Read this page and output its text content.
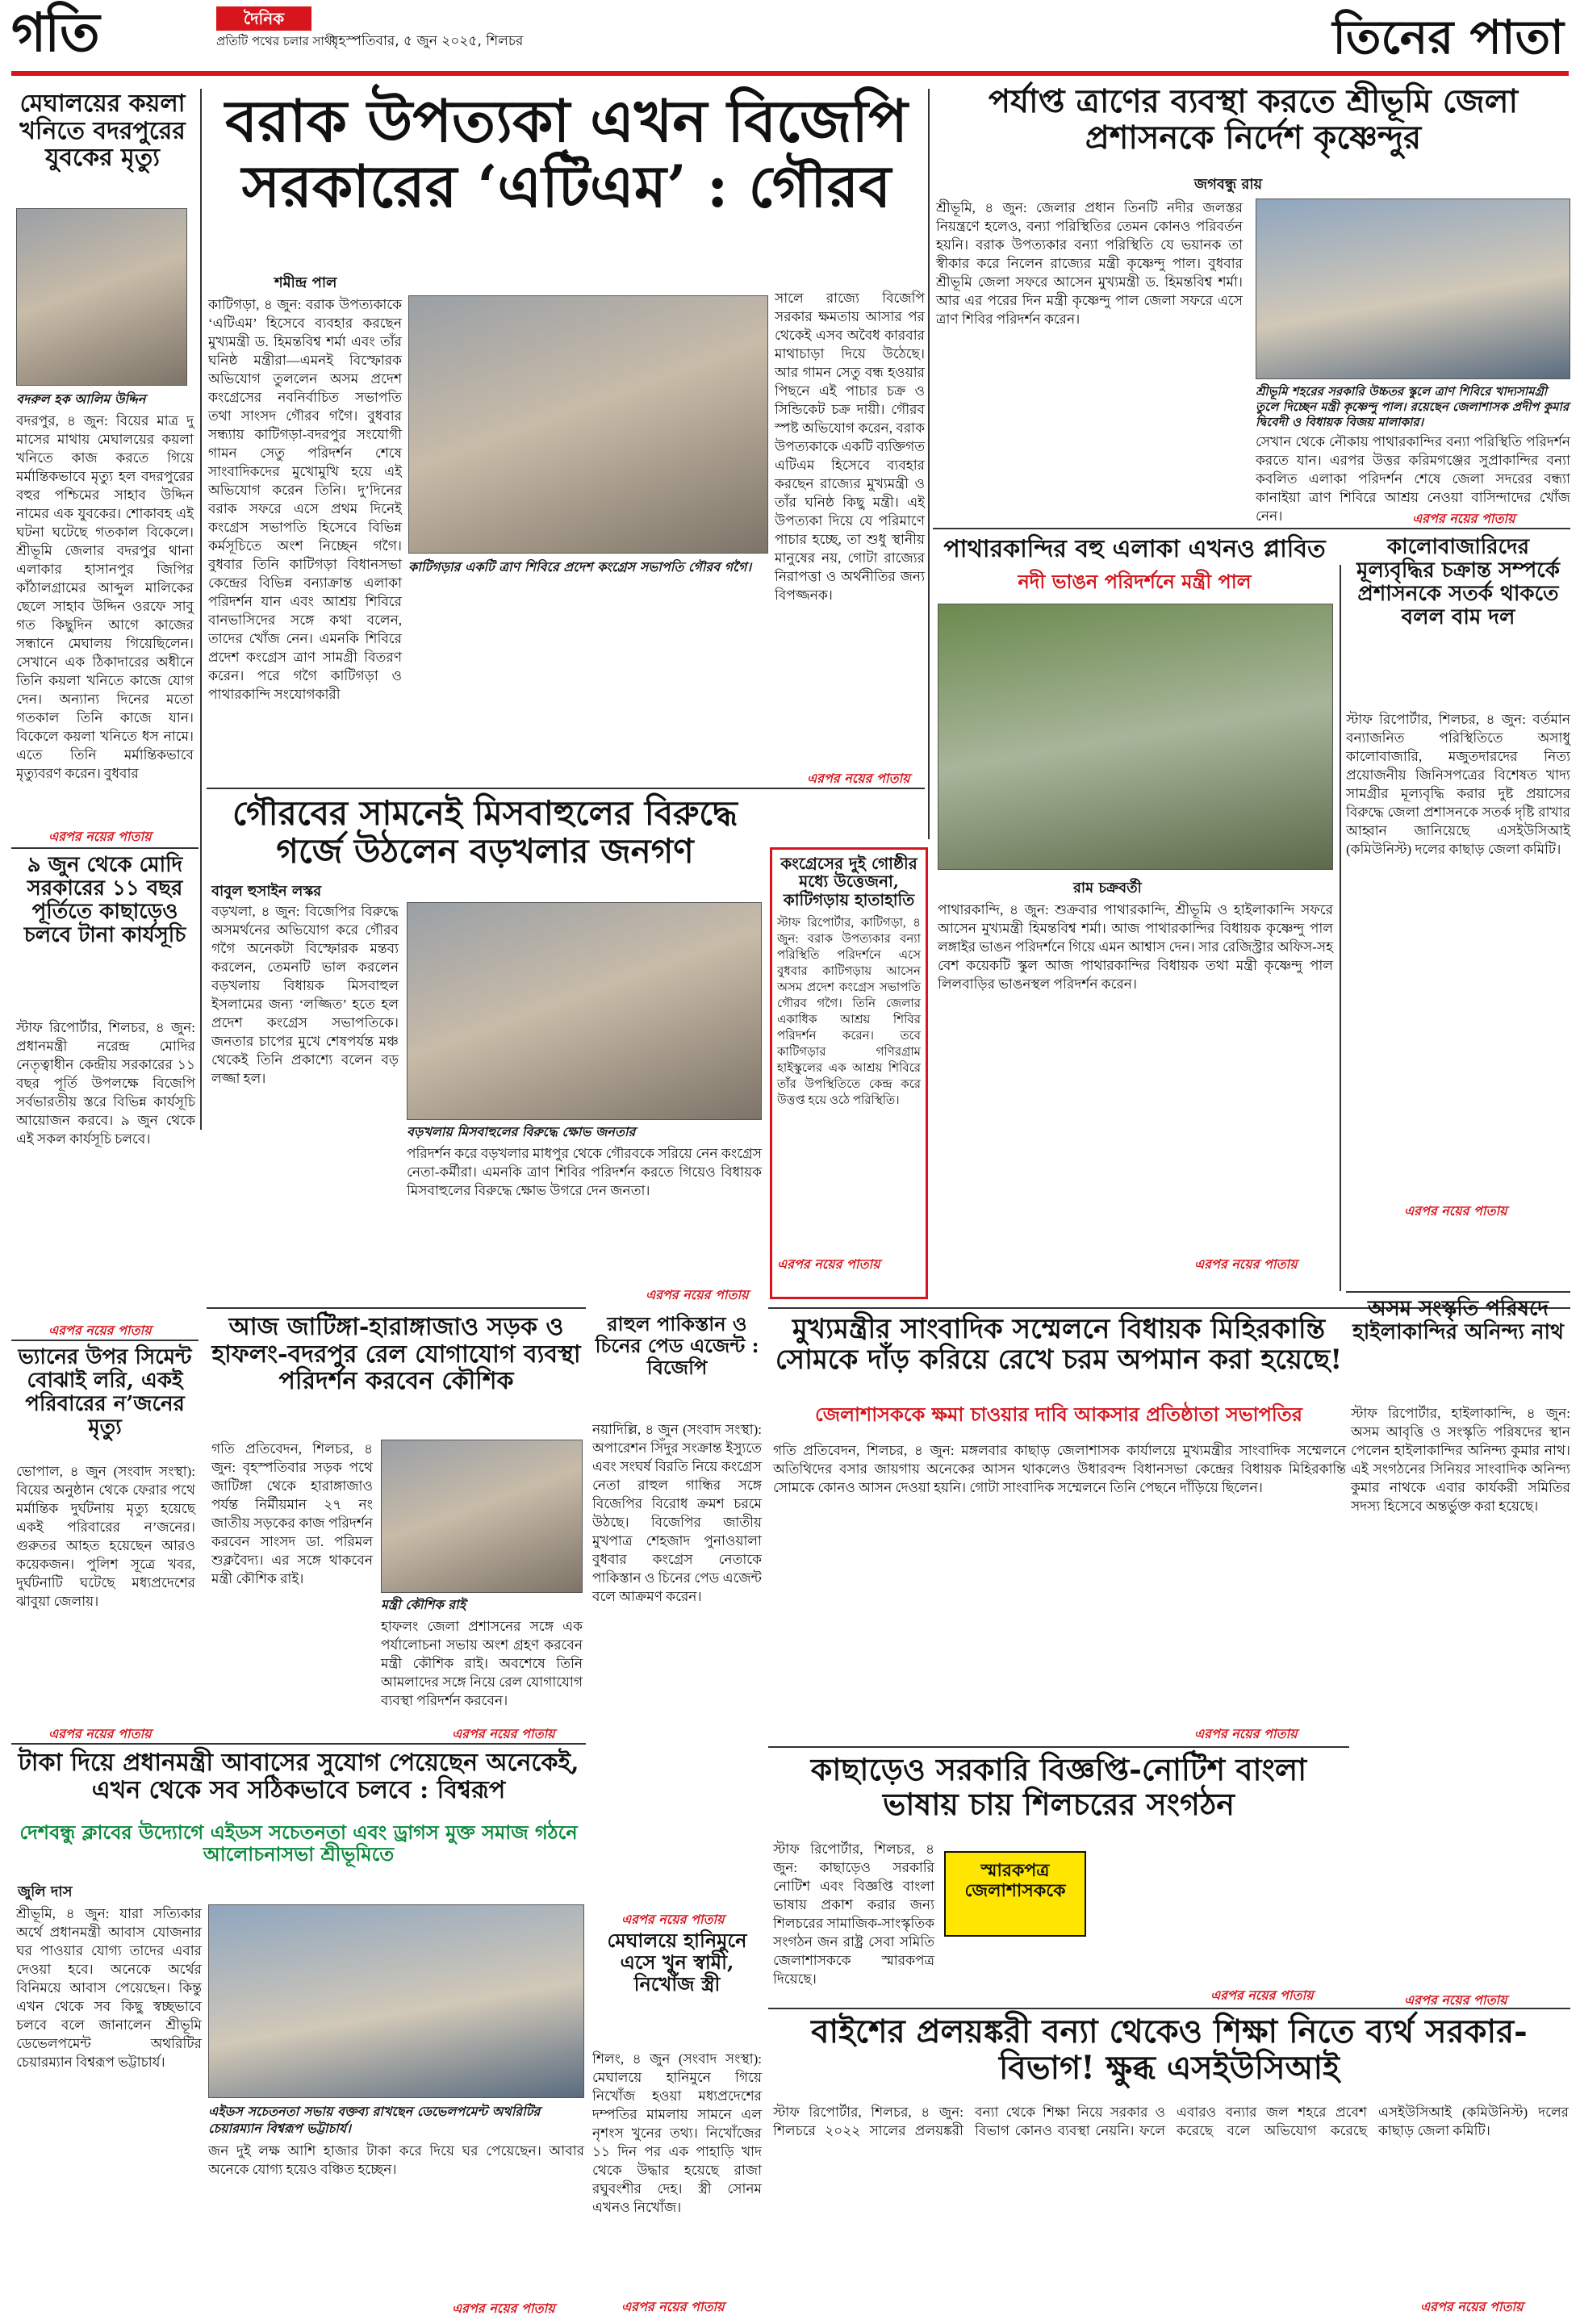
গতি	দৈনিক
প্রতিটি পথের চলার সাথী
বৃহস্পতিবার, ৫ জুন ২০২৫, শিলচর	তিনের পাতা
মেঘালয়ের কয়লা খনিতে বদরপুরের যুবকের মৃত্যু
বদরুল হক আলিম উদ্দিন
বদরপুর, ৪ জুন: বিয়ের মাত্র দু মাসের মাথায় মেঘালয়ের কয়লা খনিতে কাজ করতে গিয়ে মর্মান্তিকভাবে মৃত্যু হল বদরপুরের বহুর পশ্চিমের সাহাব উদ্দিন নামের এক যুবকের। শোকাবহ এই ঘটনা ঘটেছে গতকাল বিকেলে। শ্রীভূমি জেলার বদরপুর থানা এলাকার হাসানপুর জিপির কাঁঠালগ্রামের আব্দুল মালিকের ছেলে সাহাব উদ্দিন ওরফে সাবু গত কিছুদিন আগে কাজের সন্ধানে মেঘালয় গিয়েছিলেন। সেখানে এক ঠিকাদারের অধীনে তিনি কয়লা খনিতে কাজে যোগ দেন। অন্যান্য দিনের মতো গতকাল তিনি কাজে যান। বিকেলে কয়লা খনিতে ধস নামে। এতে তিনি মর্মান্তিকভাবে মৃত্যুবরণ করেন। বুধবার
এরপর নয়ের পাতায়
৯ জুন থেকে মোদি সরকারের ১১ বছর পূর্তিতে কাছাড়েও চলবে টানা কার্যসূচি
স্টাফ রিপোর্টার, শিলচর, ৪ জুন: প্রধানমন্ত্রী নরেন্দ্র মোদির নেতৃত্বাধীন কেন্দ্রীয় সরকারের ১১ বছর পূর্তি উপলক্ষে বিজেপি সর্বভারতীয় স্তরে বিভিন্ন কার্যসূচি আয়োজন করবে। ৯ জুন থেকে এই সকল কার্যসূচি চলবে।
এরপর নয়ের পাতায়
ভ্যানের উপর সিমেন্ট বোঝাই লরি, একই পরিবারের ন’জনের মৃত্যু
ভোপাল, ৪ জুন (সংবাদ সংস্থা): বিয়ের অনুষ্ঠান থেকে ফেরার পথে মর্মান্তিক দুর্ঘটনায় মৃত্যু হয়েছে একই পরিবারের ন’জনের। গুরুতর আহত হয়েছেন আরও কয়েকজন। পুলিশ সূত্রে খবর, দুর্ঘটনাটি ঘটেছে মধ্যপ্রদেশের ঝাবুয়া জেলায়।
এরপর নয়ের পাতায়
বরাক উপত্যকা এখন বিজেপি সরকারের ‘এটিএম’ : গৌরব
শমীন্দ্র পাল
কাটিগড়া, ৪ জুন: বরাক উপত্যকাকে ‘এটিএম’ হিসেবে ব্যবহার করছেন মুখ্যমন্ত্রী ড. হিমন্তবিশ্ব শর্মা এবং তাঁর ঘনিষ্ঠ মন্ত্রীরা—এমনই বিস্ফোরক অভিযোগ তুললেন অসম প্রদেশ কংগ্রেসের নবনির্বাচিত সভাপতি তথা সাংসদ গৌরব গগৈ। বুধবার সন্ধ্যায় কাটিগড়া-বদরপুর সংযোগী গামন সেতু পরিদর্শন শেষে সাংবাদিকদের মুখোমুখি হয়ে এই অভিযোগ করেন তিনি। দু’দিনের বরাক সফরে এসে প্রথম দিনেই কংগ্রেস সভাপতি হিসেবে বিভিন্ন কর্মসূচিতে অংশ নিচ্ছেন গগৈ। বুধবার তিনি কাটিগড়া বিধানসভা কেন্দ্রের বিভিন্ন বন্যাক্রান্ত এলাকা পরিদর্শন যান এবং আশ্রয় শিবিরে বানভাসিদের সঙ্গে কথা বলেন, তাদের খোঁজ নেন। এমনকি শিবিরে প্রদেশ কংগ্রেস ত্রাণ সামগ্রী বিতরণ করেন। পরে গগৈ কাটিগড়া ও পাথারকান্দি সংযোগকারী
কাটিগড়ার একটি ত্রাণ শিবিরে প্রদেশ কংগ্রেস সভাপতি গৌরব গগৈ।
সালে রাজ্যে বিজেপি সরকার ক্ষমতায় আসার পর থেকেই এসব অবৈধ কারবার মাথাচাড়া দিয়ে উঠেছে। আর গামন সেতু বন্ধ হওয়ার পিছনে এই পাচার চক্র ও সিন্ডিকেট চক্র দায়ী। গৌরব স্পষ্ট অভিযোগ করেন, বরাক উপত্যকাকে একটি ব্যক্তিগত এটিএম হিসেবে ব্যবহার করছেন রাজ্যের মুখ্যমন্ত্রী ও তাঁর ঘনিষ্ঠ কিছু মন্ত্রী। এই উপত্যকা দিয়ে যে পরিমাণে পাচার হচ্ছে, তা শুধু স্থানীয় মানুষের নয়, গোটা রাজ্যের নিরাপত্তা ও অর্থনীতির জন্য বিপজ্জনক।
এরপর নয়ের পাতায়
পর্যাপ্ত ত্রাণের ব্যবস্থা করতে শ্রীভূমি জেলা প্রশাসনকে নির্দেশ কৃষ্ণেন্দুর
জগবন্ধু রায়
শ্রীভূমি, ৪ জুন: জেলার প্রধান তিনটি নদীর জলস্তর নিয়ন্ত্রণে হলেও, বন্যা পরিস্থিতির তেমন কোনও পরিবর্তন হয়নি। বরাক উপত্যকার বন্যা পরিস্থিতি যে ভয়ানক তা স্বীকার করে নিলেন রাজ্যের মন্ত্রী কৃষ্ণেন্দু পাল। বুধবার শ্রীভূমি জেলা সফরে আসেন মুখ্যমন্ত্রী ড. হিমন্তবিশ্ব শর্মা। আর এর পরের দিন মন্ত্রী কৃষ্ণেন্দু পাল জেলা সফরে এসে ত্রাণ শিবির পরিদর্শন করেন।
শ্রীভূমি শহরের সরকারি উচ্চতর স্কুলে ত্রাণ শিবিরে খাদ্যসামগ্রী তুলে দিচ্ছেন মন্ত্রী কৃষ্ণেন্দু পাল। রয়েছেন জেলাশাসক প্রদীপ কুমার দ্বিবেদী ও বিধায়ক বিজয় মালাকার।
সেখান থেকে নৌকায় পাথারকান্দির বন্যা পরিস্থিতি পরিদর্শন করতে যান। এরপর উত্তর করিমগঞ্জের সুপ্রাকান্দির বন্যা কবলিত এলাকা পরিদর্শন শেষে জেলা সদরের বন্ধ্যা কানাইয়া ত্রাণ শিবিরে আশ্রয় নেওয়া বাসিন্দাদের খোঁজ নেন।	এরপর নয়ের পাতায়
পাথারকান্দির বহু এলাকা এখনও প্লাবিত
নদী ভাঙন পরিদর্শনে মন্ত্রী পাল
রাম চক্রবর্তী
পাথারকান্দি, ৪ জুন: শুক্রবার পাথারকান্দি, শ্রীভূমি ও হাইলাকান্দি সফরে আসেন মুখ্যমন্ত্রী হিমন্তবিশ্ব শর্মা। আজ পাথারকান্দির বিধায়ক কৃষ্ণেন্দু পাল লঙ্গাইর ভাঙন পরিদর্শনে গিয়ে এমন আশ্বাস দেন। সার রেজিস্ট্রার অফিস-সহ বেশ কয়েকটি স্কুল আজ পাথারকান্দির বিধায়ক তথা মন্ত্রী কৃষ্ণেন্দু পাল লিলবাড়ির ভাঙনস্থল পরিদর্শন করেন।
এরপর নয়ের পাতায়
কালোবাজারিদের মূল্যবৃদ্ধির চক্রান্ত সম্পর্কে প্রশাসনকে সতর্ক থাকতে বলল বাম দল
স্টাফ রিপোর্টার, শিলচর, ৪ জুন: বর্তমান বন্যাজনিত পরিস্থিতিতে অসাধু কালোবাজারি, মজুতদারদের নিত্য প্রয়োজনীয় জিনিসপত্রের বিশেষত খাদ্য সামগ্রীর মূল্যবৃদ্ধি করার দুষ্ট প্রয়াসের বিরুদ্ধে জেলা প্রশাসনকে সতর্ক দৃষ্টি রাখার আহ্বান জানিয়েছে এসইউসিআই (কমিউনিস্ট) দলের কাছাড় জেলা কমিটি।
এরপর নয়ের পাতায়
গৌরবের সামনেই মিসবাহুলের বিরুদ্ধে গর্জে উঠলেন বড়খলার জনগণ
বাবুল হুসাইন লস্কর
বড়খলা, ৪ জুন: বিজেপির বিরুদ্ধে অসমর্থনের অভিযোগ করে গৌরব গগৈ অনেকটা বিস্ফোরক মন্তব্য করলেন, তেমনটি ভাল করলেন বড়খলায় বিধায়ক মিসবাহুল ইসলামের জন্য ‘লজ্জিত’ হতে হল প্রদেশ কংগ্রেস সভাপতিকে। জনতার চাপের মুখে শেষপর্যন্ত মঞ্চ থেকেই তিনি প্রকাশ্যে বলেন বড় লজ্জা হল।
বড়খলায় মিসবাহুলের বিরুদ্ধে ক্ষোভ জনতার
পরিদর্শন করে বড়খলার মাধপুর থেকে গৌরবকে সরিয়ে নেন কংগ্রেস নেতা-কর্মীরা। এমনকি ত্রাণ শিবির পরিদর্শন করতে গিয়েও বিধায়ক মিসবাহুলের বিরুদ্ধে ক্ষোভ উগরে দেন জনতা।
এরপর নয়ের পাতায়
কংগ্রেসের দুই গোষ্ঠীর মধ্যে উত্তেজনা, কাটিগড়ায় হাতাহাতি
স্টাফ রিপোর্টার, কাটিগড়া, ৪ জুন: বরাক উপত্যকার বন্যা পরিস্থিতি পরিদর্শনে এসে বুধবার কাটিগড়ায় আসেন অসম প্রদেশ কংগ্রেস সভাপতি গৌরব গগৈ। তিনি জেলার একাধিক আশ্রয় শিবির পরিদর্শন করেন। তবে কাটিগড়ার গণিরগ্রাম হাইস্কুলের এক আশ্রয় শিবিরে তাঁর উপস্থিতিতে কেন্দ্র করে উত্তপ্ত হয়ে ওঠে পরিস্থিতি।
এরপর নয়ের পাতায়
আজ জাটিঙ্গা-হারাঙ্গাজাও সড়ক ও হাফলং-বদরপুর রেল যোগাযোগ ব্যবস্থা পরিদর্শন করবেন কৌশিক
গতি প্রতিবেদন, শিলচর, ৪ জুন: বৃহস্পতিবার সড়ক পথে জাটিঙ্গা থেকে হারাঙ্গাজাও পর্যন্ত নির্মীয়মান ২৭ নং জাতীয় সড়কের কাজ পরিদর্শন করবেন সাংসদ ডা. পরিমল শুক্লবৈদ্য। এর সঙ্গে থাকবেন মন্ত্রী কৌশিক রাই।
মন্ত্রী কৌশিক রাই
হাফলং জেলা প্রশাসনের সঙ্গে এক পর্যালোচনা সভায় অংশ গ্রহণ করবেন মন্ত্রী কৌশিক রাই। অবশেষে তিনি আমলাদের সঙ্গে নিয়ে রেল যোগাযোগ ব্যবস্থা পরিদর্শন করবেন।
এরপর নয়ের পাতায়
রাহুল পাকিস্তান ও চিনের পেড এজেন্ট : বিজেপি
নয়াদিল্লি, ৪ জুন (সংবাদ সংস্থা): অপারেশন সিঁদুর সংক্রান্ত ইস্যুতে এবং সংঘর্ষ বিরতি নিয়ে কংগ্রেস নেতা রাহুল গান্ধির সঙ্গে বিজেপির বিরোধ ক্রমশ চরমে উঠছে। বিজেপির জাতীয় মুখপাত্র শেহজাদ পুনাওয়ালা বুধবার কংগ্রেস নেতাকে পাকিস্তান ও চিনের পেড এজেন্ট বলে আক্রমণ করেন।
এরপর নয়ের পাতায়
টাকা দিয়ে প্রধানমন্ত্রী আবাসের সুযোগ পেয়েছেন অনেকেই, এখন থেকে সব সঠিকভাবে চলবে : বিশ্বরূপ
দেশবন্ধু ক্লাবের উদ্যোগে এইডস সচেতনতা এবং ড্রাগস মুক্ত সমাজ গঠনে আলোচনাসভা শ্রীভূমিতে
জুলি দাস
শ্রীভূমি, ৪ জুন: যারা সত্যিকার অর্থে প্রধানমন্ত্রী আবাস যোজনার ঘর পাওয়ার যোগ্য তাদের এবার দেওয়া হবে। অনেকে অর্থের বিনিময়ে আবাস পেয়েছেন। কিন্তু এখন থেকে সব কিছু স্বচ্ছভাবে চলবে বলে জানালেন শ্রীভূমি ডেভেলপমেন্ট অথরিটির চেয়ারম্যান বিশ্বরূপ ভট্টাচার্য।
এইডস সচেতনতা সভায় বক্তব্য রাখছেন ডেভেলপমেন্ট অথরিটির চেয়ারম্যান বিশ্বরূপ ভট্টাচার্য।
জন দুই লক্ষ আশি হাজার টাকা করে দিয়ে ঘর পেয়েছেন। আবার অনেকে যোগ্য হয়েও বঞ্চিত হচ্ছেন।
এরপর নয়ের পাতায়
মুখ্যমন্ত্রীর সাংবাদিক সম্মেলনে বিধায়ক মিহিরকান্তি সোমকে দাঁড় করিয়ে রেখে চরম অপমান করা হয়েছে!
জেলাশাসককে ক্ষমা চাওয়ার দাবি আকসার প্রতিষ্ঠাতা সভাপতির
গতি প্রতিবেদন, শিলচর, ৪ জুন: মঙ্গলবার কাছাড় জেলাশাসক কার্যালয়ে মুখ্যমন্ত্রীর সাংবাদিক সম্মেলনে অতিথিদের বসার জায়গায় অনেকের আসন থাকলেও উধারবন্দ বিধানসভা কেন্দ্রের বিধায়ক মিহিরকান্তি সোমকে কোনও আসন দেওয়া হয়নি। গোটা সাংবাদিক সম্মেলনে তিনি পেছনে দাঁড়িয়ে ছিলেন।
এরপর নয়ের পাতায়
কাছাড়েও সরকারি বিজ্ঞপ্তি-নোটিশ বাংলা ভাষায় চায় শিলচরের সংগঠন
স্টাফ রিপোর্টার, শিলচর, ৪ জুন: কাছাড়েও সরকারি নোটিশ এবং বিজ্ঞপ্তি বাংলা ভাষায় প্রকাশ করার জন্য শিলচরের সামাজিক-সাংস্কৃতিক সংগঠন জন রাষ্ট্র সেবা সমিতি জেলাশাসককে স্মারকপত্র দিয়েছে।
স্মারকপত্র জেলাশাসককে
এরপর নয়ের পাতায়
অসম সংস্কৃতি পরিষদে হাইলাকান্দির অনিন্দ্য নাথ
স্টাফ রিপোর্টার, হাইলাকান্দি, ৪ জুন: অসম আবৃত্তি ও সংস্কৃতি পরিষদের স্থান পেলেন হাইলাকান্দির অনিন্দ্য কুমার নাথ। এই সংগঠনের সিনিয়র সাংবাদিক অনিন্দ্য কুমার নাথকে এবার কার্যকরী সমিতির সদস্য হিসেবে অন্তর্ভুক্ত করা হয়েছে।
এরপর নয়ের পাতায়
মেঘালয়ে হানিমুনে এসে খুন স্বামী, নিখোঁজ স্ত্রী
শিলং, ৪ জুন (সংবাদ সংস্থা): মেঘালয়ে হানিমুনে গিয়ে নিখোঁজ হওয়া মধ্যপ্রদেশের দম্পতির মামলায় সামনে এল নৃশংস খুনের তথ্য। নিখোঁজের ১১ দিন পর এক পাহাড়ি খাদ থেকে উদ্ধার হয়েছে রাজা রঘুবংশীর দেহ। স্ত্রী সোনম এখনও নিখোঁজ।
এরপর নয়ের পাতায়
বাইশের প্রলয়ঙ্করী বন্যা থেকেও শিক্ষা নিতে ব্যর্থ সরকার-বিভাগ! ক্ষুব্ধ এসইউসিআই
স্টাফ রিপোর্টার, শিলচর, ৪ জুন: শিলচরে ২০২২ সালের প্রলয়ঙ্করী বন্যা থেকে শিক্ষা নিয়ে সরকার ও বিভাগ কোনও ব্যবস্থা নেয়নি। ফলে এবারও বন্যার জল শহরে প্রবেশ করেছে বলে অভিযোগ করেছে এসইউসিআই (কমিউনিস্ট) দলের কাছাড় জেলা কমিটি।
এরপর নয়ের পাতায়
